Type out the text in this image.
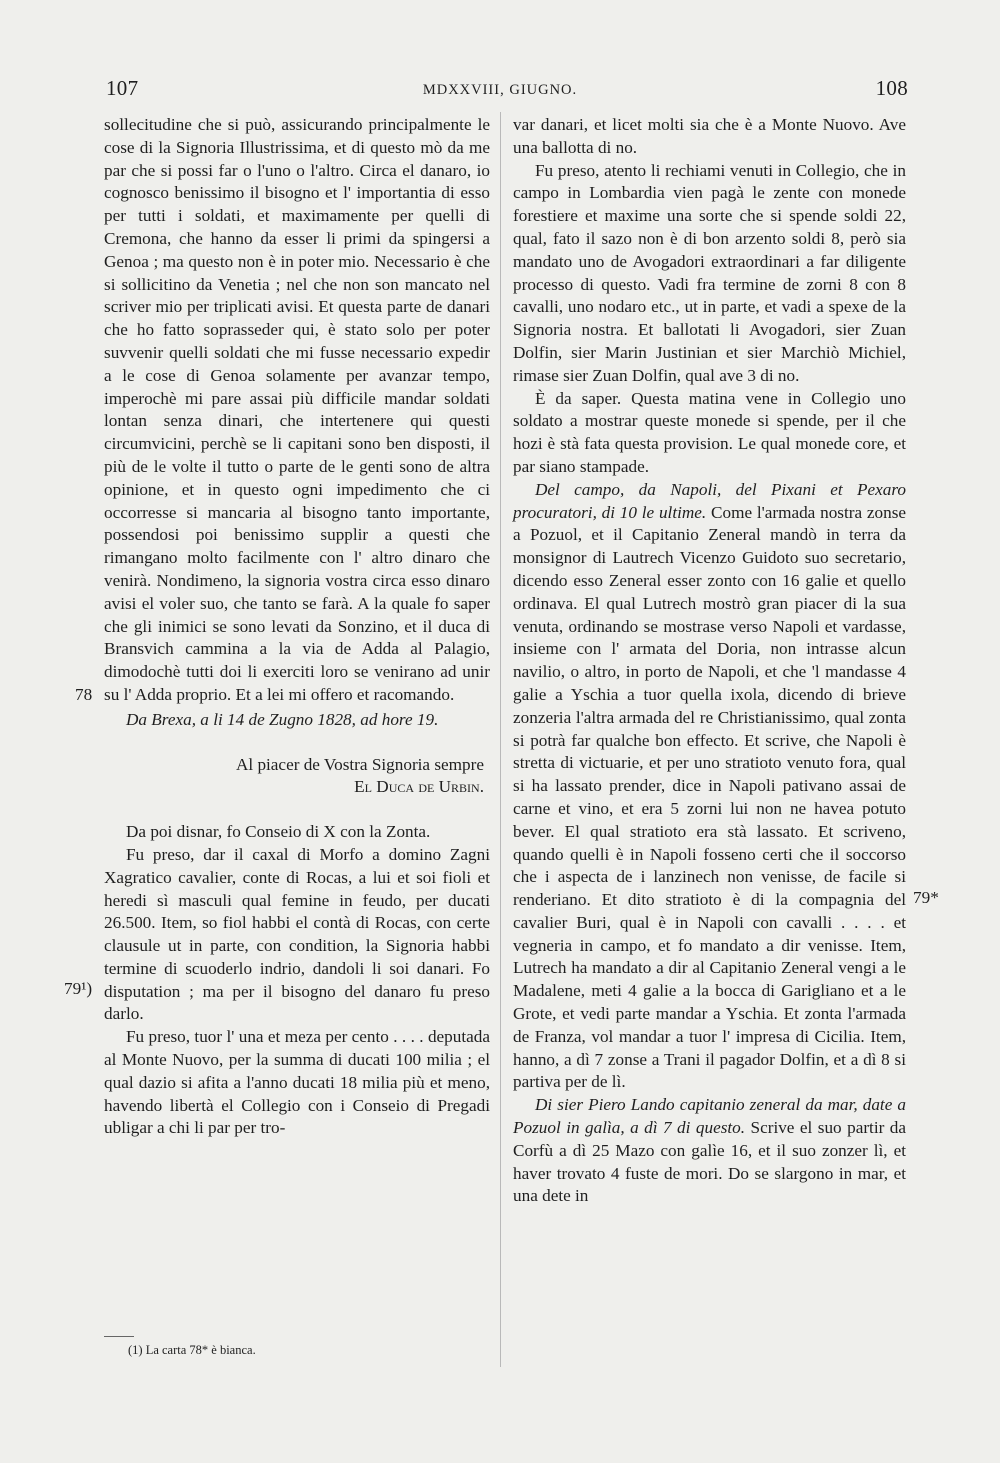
107	MDXXVIII, GIUGNO.	108

sollecitudine che si può, assicurando principalmente le cose di la Signoria Illustrissima, et di questo mò da me par che si possi far o l'uno o l'altro. Circa el danaro, io cognosco benissimo il bisogno et l' importantia di esso per tutti i soldati, et maximamente per quelli di Cremona, che hanno da esser li primi da spingersi a Genoa ; ma questo non è in poter mio. Necessario è che si sollicitino da Venetia ; nel che non son mancato nel scriver mio per triplicati avisi. Et questa parte de danari che ho fatto soprasseder qui, è stato solo per poter suvvenir quelli soldati che mi fusse necessario expedir a le cose di Genoa solamente per avanzar tempo, imperochè mi pare assai più difficile mandar soldati lontan senza dinari, che intertenere qui questi circumvicini, perchè se li capitani sono ben disposti, il più de le volte il tutto o parte de le genti sono de altra opinione, et in questo ogni impedimento che ci occorresse si mancaria al bisogno tanto importante, possendosi poi benissimo supplir a questi che rimangano molto facilmente con l' altro dinaro che venirà. Nondimeno, la signoria vostra circa esso dinaro avisi el voler suo, che tanto se farà. A la quale fo saper che gli inimici se sono levati da Sonzino, et il duca di Bransvich cammina a la via de Adda al Palagio, dimodochè tutti doi li exerciti loro se venirano ad unir su l' Adda proprio. Et a lei mi offero et racomando.

Da Brexa, a li 14 de Zugno 1828, ad hore 19.

Al piacer de Vostra Signoria sempre

El Duca de Urbin.

Da poi disnar, fo Conseio di X con la Zonta.

Fu preso, dar il caxal di Morfo a domino Zagni Xagratico cavalier, conte di Rocas, a lui et soi fioli et heredi sì masculi qual femine in feudo, per ducati 26.500. Item, so fiol habbi el contà di Rocas, con certe clausule ut in parte, con condition, la Signoria habbi termine di scuoderlo indrio, dandoli li soi danari. Fo disputation ; ma per il bisogno del danaro fu preso darlo.

Fu preso, tuor l' una et meza per cento . . . . deputada al Monte Nuovo, per la summa di ducati 100 milia ; el qual dazio si afita a l'anno ducati 18 milia più et meno, havendo libertà el Collegio con i Conseio di Pregadi ubligar a chi li par per tro-

var danari, et licet molti sia che è a Monte Nuovo. Ave una ballotta di no.

Fu preso, atento li rechiami venuti in Collegio, che in campo in Lombardia vien pagà le zente con monede forestiere et maxime una sorte che si spende soldi 22, qual, fato il sazo non è di bon arzento soldi 8, però sia mandato uno de Avogadori extraordinari a far diligente processo di questo. Vadi fra termine de zorni 8 con 8 cavalli, uno nodaro etc., ut in parte, et vadi a spexe de la Signoria nostra. Et ballotati li Avogadori, sier Zuan Dolfin, sier Marin Justinian et sier Marchiò Michiel, rimase sier Zuan Dolfin, qual ave 3 di no.

È da saper. Questa matina vene in Collegio uno soldato a mostrar queste monede si spende, per il che hozi è stà fata questa provision. Le qual monede core, et par siano stampade.

Del campo, da Napoli, del Pixani et Pexaro procuratori, di 10 le ultime. Come l'armada nostra zonse a Pozuol, et il Capitanio Zeneral mandò in terra da monsignor di Lautrech Vicenzo Guidoto suo secretario, dicendo esso Zeneral esser zonto con 16 galie et quello ordinava. El qual Lutrech mostrò gran piacer di la sua venuta, ordinando se mostrase verso Napoli et vardasse, insieme con l' armata del Doria, non intrasse alcun navilio, o altro, in porto de Napoli, et che 'l mandasse 4 galie a Yschia a tuor quella ixola, dicendo di brieve zonzeria l'altra armada del re Christianissimo, qual zonta si potrà far qualche bon effecto. Et scrive, che Napoli è stretta di victuarie, et per uno stratioto venuto fora, qual si ha lassato prender, dice in Napoli pativano assai de carne et vino, et era 5 zorni lui non ne havea potuto bever. El qual stratioto era stà lassato. Et scriveno, quando quelli è in Napoli fosseno certi che il soccorso che i aspecta de i lanzinech non venisse, de facile si renderiano. Et dito stratioto è di la compagnia del cavalier Buri, qual è in Napoli con cavalli . . . . et vegneria in campo, et fo mandato a dir venisse. Item, Lutrech ha mandato a dir al Capitanio Zeneral vengi a le Madalene, meti 4 galie a la bocca di Garigliano et a le Grote, et vedi parte mandar a Yschia. Et zonta l'armada de Franza, vol mandar a tuor l' impresa di Cicilia. Item, hanno, a dì 7 zonse a Trani il pagador Dolfin, et a dì 8 si partiva per de lì.

Di sier Piero Lando capitanio zeneral da mar, date a Pozuol in galìa, a dì 7 di questo. Scrive el suo partir da Corfù a dì 25 Mazo con galìe 16, et il suo zonzer lì, et haver trovato 4 fuste de mori. Do se slargono in mar, et una dete in

78
79¹)
79*
(1) La carta 78* è bianca.
